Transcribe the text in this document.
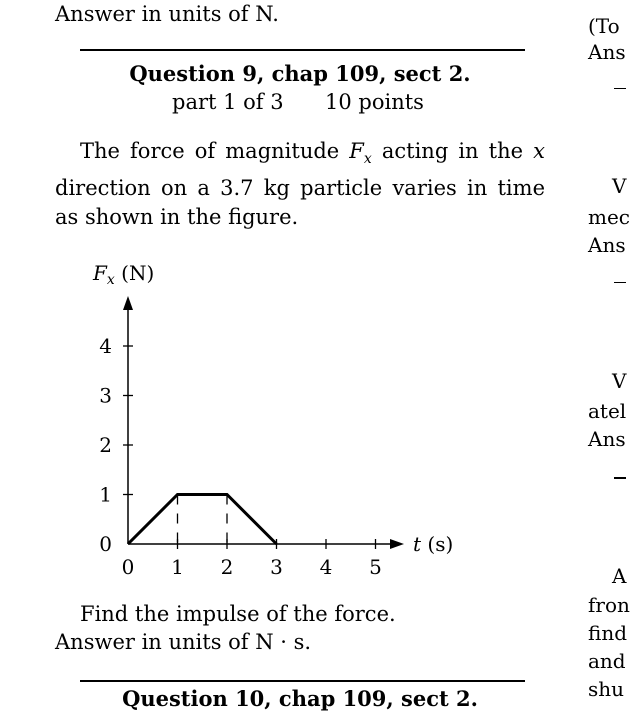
Answer in units of N.
Question 9, chap 109, sect 2.
part 1 of 3 10 points
The force of magnitude $F_x$ acting in the x direction on a 3.7 kg particle varies in time as shown in the figure.
$F_x$ (N)
t (s)
0 1 2 3 4 5
0
1
2
3
4
Find the impulse of the force.
Answer in units of N · s.
Question 10, chap 109, sect 2.
(To
Ans
V
mec
Ans
V
atel
Ans
A
fron
find
and
shu
